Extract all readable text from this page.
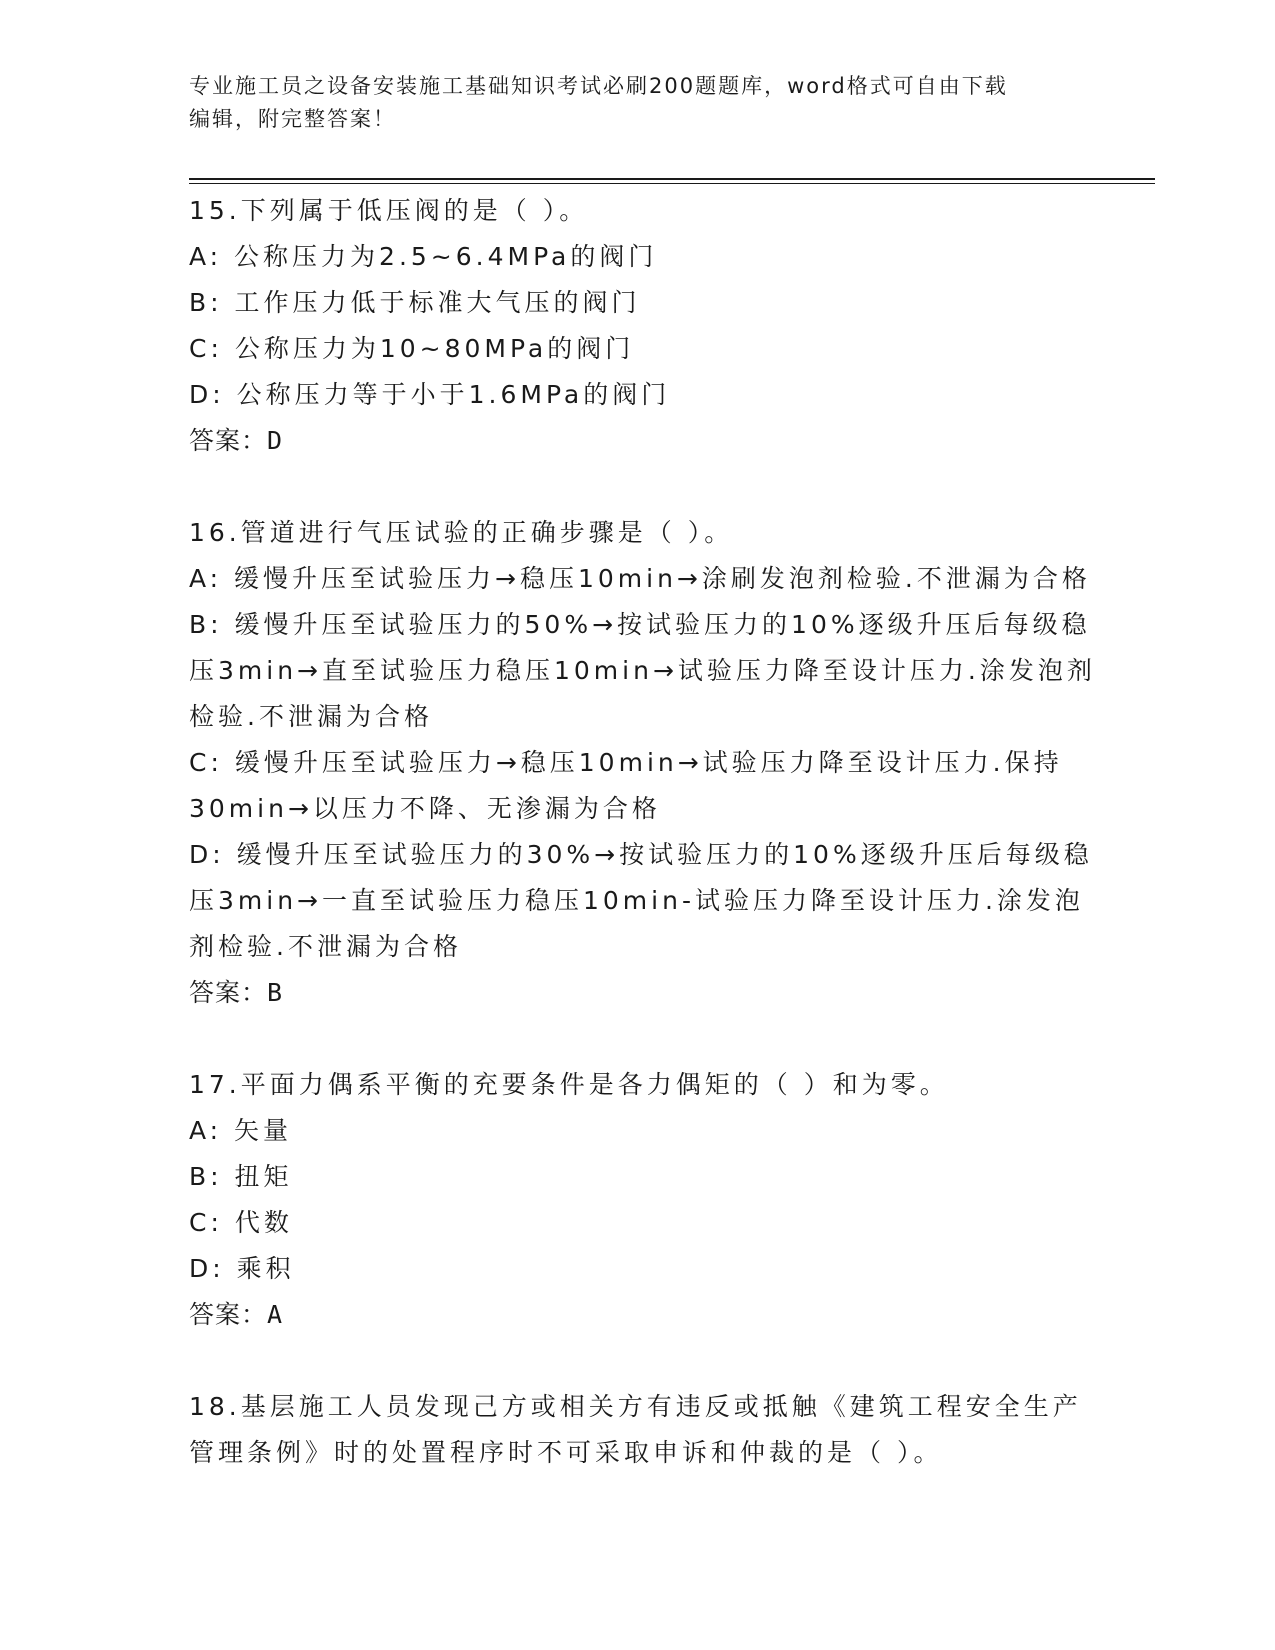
专业施工员之设备安装施工基础知识考试必刷200题题库，word格式可自由下载
编辑，附完整答案！
15.下列属于低压阀的是（ ）。
A: 公称压力为2.5~6.4MPa的阀门
B: 工作压力低于标准大气压的阀门
C: 公称压力为10~80MPa的阀门
D: 公称压力等于小于1.6MPa的阀门
答案：D
16.管道进行气压试验的正确步骤是（ ）。
A: 缓慢升压至试验压力→稳压10min→涂刷发泡剂检验.不泄漏为合格
B: 缓慢升压至试验压力的50%→按试验压力的10%逐级升压后每级稳
压3min→直至试验压力稳压10min→试验压力降至设计压力.涂发泡剂
检验.不泄漏为合格
C: 缓慢升压至试验压力→稳压10min→试验压力降至设计压力.保持
30min→以压力不降、无渗漏为合格
D: 缓慢升压至试验压力的30%→按试验压力的10%逐级升压后每级稳
压3min→一直至试验压力稳压10min-试验压力降至设计压力.涂发泡
剂检验.不泄漏为合格
答案：B
17.平面力偶系平衡的充要条件是各力偶矩的（ ）和为零。
A: 矢量
B: 扭矩
C: 代数
D: 乘积
答案：A
18.基层施工人员发现己方或相关方有违反或抵触《建筑工程安全生产
管理条例》时的处置程序时不可采取申诉和仲裁的是（ ）。
